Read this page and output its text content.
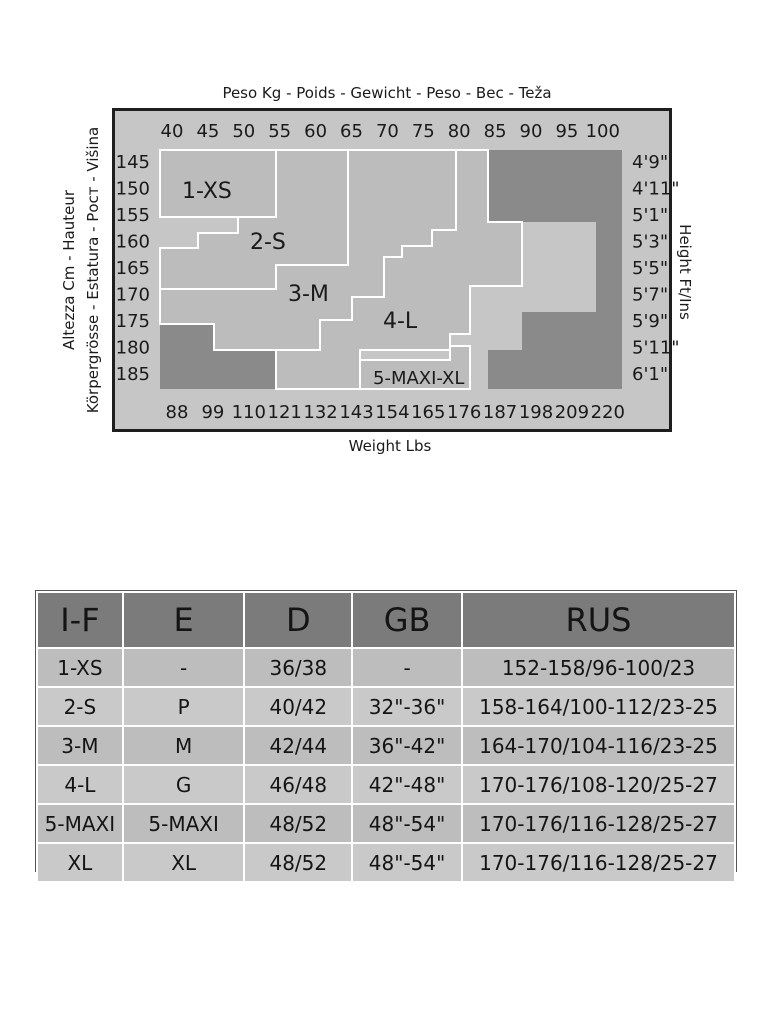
1-XS
2-S
3-M
4-L
5-MAXI-XL
Peso Kg - Poids - Gewicht - Peso - Вес - Teža
Weight Lbs
Altezza Cm - Hauteur Körpergrösse - Estatura - Рост - Višina	Height Ft/Ins
40 45 50 55 60 65 70 75 80 85 90 95 100
88 99 110 121 132 143 154 165 176 187 198 209 220
145
150
155
160
165
170
175
180
185
4'9"
4'11"
5'1"
5'3"
5'5"
5'7"
5'9"
5'11"
6'1"
I-F	E	D	GB	RUS
1-XS	-	36/38	-	152-158/96-100/23
2-S	P	40/42	32"-36"	158-164/100-112/23-25
3-M	M	42/44	36"-42"	164-170/104-116/23-25
4-L	G	46/48	42"-48"	170-176/108-120/25-27
5-MAXI	5-MAXI	48/52	48"-54"	170-176/116-128/25-27
XL	XL	48/52	48"-54"	170-176/116-128/25-27
